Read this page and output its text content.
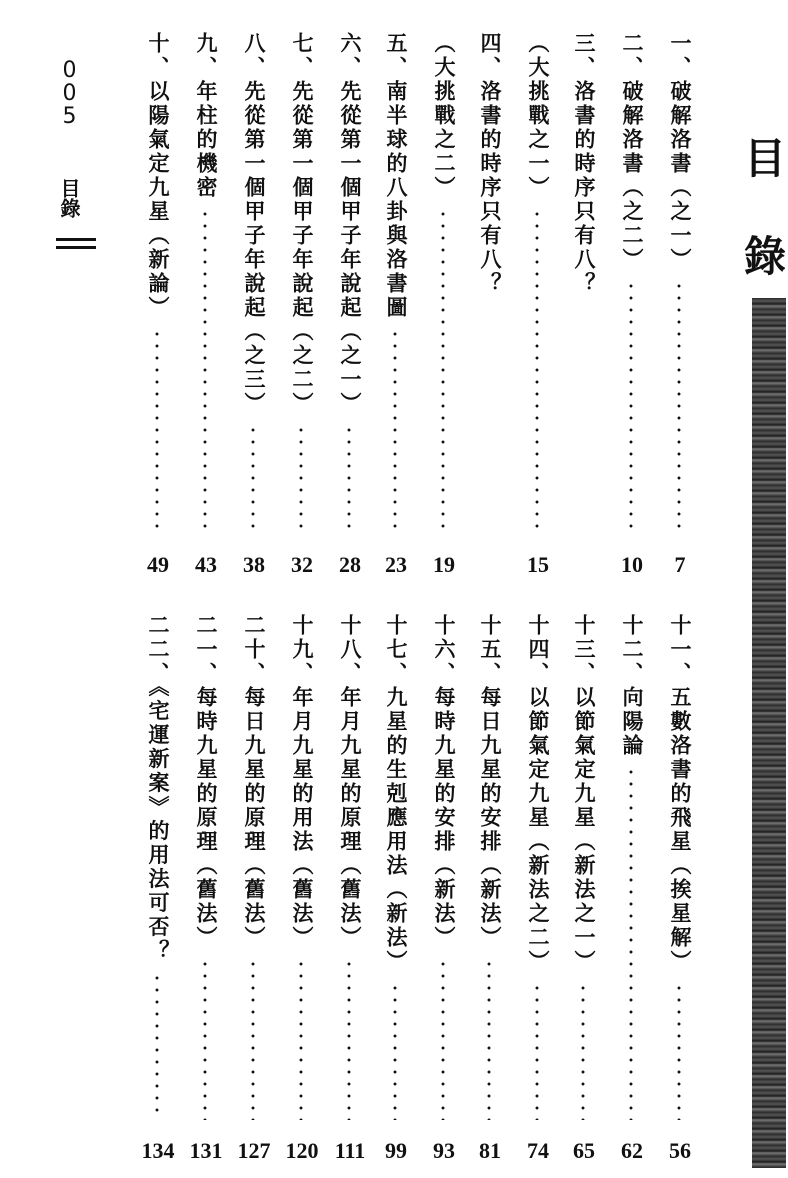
目
錄
005
目錄	一、破解洛書（之一）
7
二、破解洛書（之二）
10
三、洛書的時序只有八？
（大挑戰之一）
15
四、洛書的時序只有八？
（大挑戰之二）
19
五、南半球的八卦與洛書圖
23
六、先從第一個甲子年說起（之一）
28
七、先從第一個甲子年說起（之二）
32
八、先從第一個甲子年說起（之三）
38
九、年柱的機密
43
十、以陽氣定九星（新論）
49
十一、五數洛書的飛星（挨星解）
56
十二、向陽論
62
十三、以節氣定九星（新法之一）
65
十四、以節氣定九星（新法之二）
74
十五、每日九星的安排（新法）
81
十六、每時九星的安排（新法）
93
十七、九星的生剋應用法（新法）
99
十八、年月九星的原理（舊法）
111
十九、年月九星的用法（舊法）
120
二十、每日九星的原理（舊法）
127
二一、每時九星的原理（舊法）
131
二二、《宅運新案》的用法可否？
134
